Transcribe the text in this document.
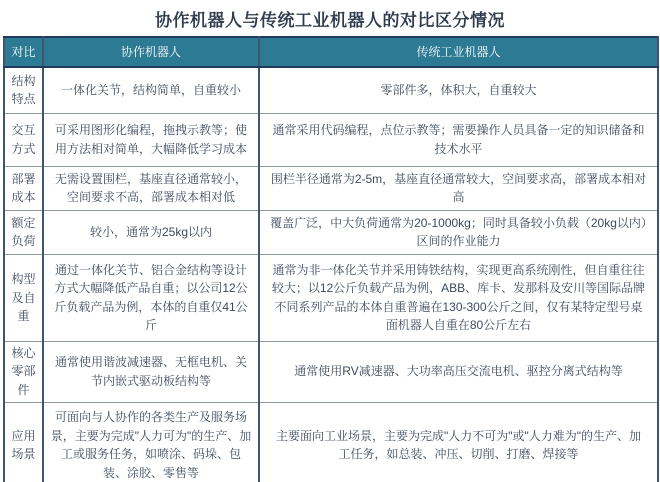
协作机器人与传统工业机器人的对比区分情况
对比	协作机器人	传统工业机器人
结构特点	一体化关节，结构简单，自重较小	零部件多，体积大，自重较大
交互方式	可采用图形化编程，拖拽示教等；使用方法相对简单，大幅降低学习成本	通常采用代码编程，点位示教等；需要操作人员具备一定的知识储备和技术水平
部署成本	无需设置围栏，基座直径通常较小，空间要求不高，部署成本相对低	围栏半径通常为2-5m，基座直径通常较大，空间要求高，部署成本相对高
额定负荷	较小，通常为25kg以内	覆盖广泛，中大负荷通常为20-1000kg；同时具备较小负载（20kg以内）区间的作业能力
构型及自重	通过一体化关节、铝合金结构等设计方式大幅降低产品自重；以公司12公斤负载产品为例，本体的自重仅41公斤	通常为非一体化关节并采用铸铁结构，实现更高系统刚性，但自重往往较大；以12公斤负载产品为例，ABB、库卡、发那科及安川等国际品牌不同系列产品的本体自重普遍在130-300公斤之间，仅有某特定型号桌面机器人自重在80公斤左右
核心零部件	通常使用谐波减速器、无框电机、关节内嵌式驱动板结构等	通常使用RV减速器、大功率高压交流电机、驱控分离式结构等
应用场景	可面向与人协作的各类生产及服务场景，主要为完成"人力可为"的生产、加工或服务任务，如喷涂、码垛、包装、涂胶、零售等	主要面向工业场景，主要为完成"人力不可为"或"人力难为"的生产、加工任务，如总装、冲压、切削、打磨、焊接等
